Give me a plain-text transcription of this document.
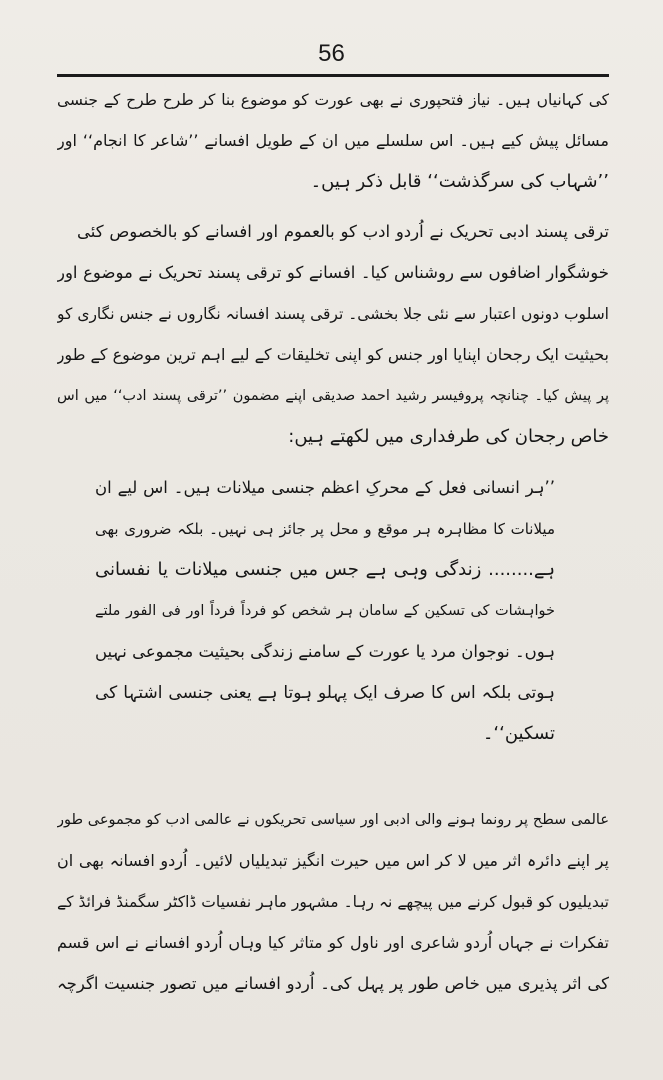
56
کی کہانیاں ہیں۔ نیاز فتحپوری نے بھی عورت کو موضوع بنا کر طرح طرح کے جنسی
مسائل پیش کیے ہیں۔ اس سلسلے میں ان کے طویل افسانے ’’شاعر کا انجام‘‘ اور
’’شہاب کی سرگذشت‘‘ قابل ذکر ہیں۔
ترقی پسند ادبی تحریک نے اُردو ادب کو بالعموم اور افسانے کو بالخصوص کئی
خوشگوار اضافوں سے روشناس کیا۔ افسانے کو ترقی پسند تحریک نے موضوع اور
اسلوب دونوں اعتبار سے نئی جلا بخشی۔ ترقی پسند افسانہ نگاروں نے جنس نگاری کو
بحیثیت ایک رجحان اپنایا اور جنس کو اپنی تخلیقات کے لیے اہم ترین موضوع کے طور
پر پیش کیا۔ چنانچہ پروفیسر رشید احمد صدیقی اپنے مضمون ’’ترقی پسند ادب‘‘ میں اس
خاص رجحان کی طرفداری میں لکھتے ہیں:
’’ہر انسانی فعل کے محرکِ اعظم جنسی میلانات ہیں۔ اس لیے ان
میلانات کا مظاہرہ ہر موقع و محل پر جائز ہی نہیں۔ بلکہ ضروری بھی
ہے........ زندگی وہی ہے جس میں جنسی میلانات یا نفسانی
خواہشات کی تسکین کے سامان ہر شخص کو فرداً فرداً اور فی الفور ملتے
ہوں۔ نوجوان مرد یا عورت کے سامنے زندگی بحیثیت مجموعی نہیں
ہوتی بلکہ اس کا صرف ایک پہلو ہوتا ہے یعنی جنسی اشتہا کی
تسکین‘‘۔
عالمی سطح پر رونما ہونے والی ادبی اور سیاسی تحریکوں نے عالمی ادب کو مجموعی طور
پر اپنے دائرہ اثر میں لا کر اس میں حیرت انگیز تبدیلیاں لائیں۔ اُردو افسانہ بھی ان
تبدیلیوں کو قبول کرنے میں پیچھے نہ رہا۔ مشہور ماہر نفسیات ڈاکٹر سگمنڈ فرائڈ کے
تفکرات نے جہاں اُردو شاعری اور ناول کو متاثر کیا وہاں اُردو افسانے نے اس قسم
کی اثر پذیری میں خاص طور پر پہل کی۔ اُردو افسانے میں تصور جنسیت اگرچہ
